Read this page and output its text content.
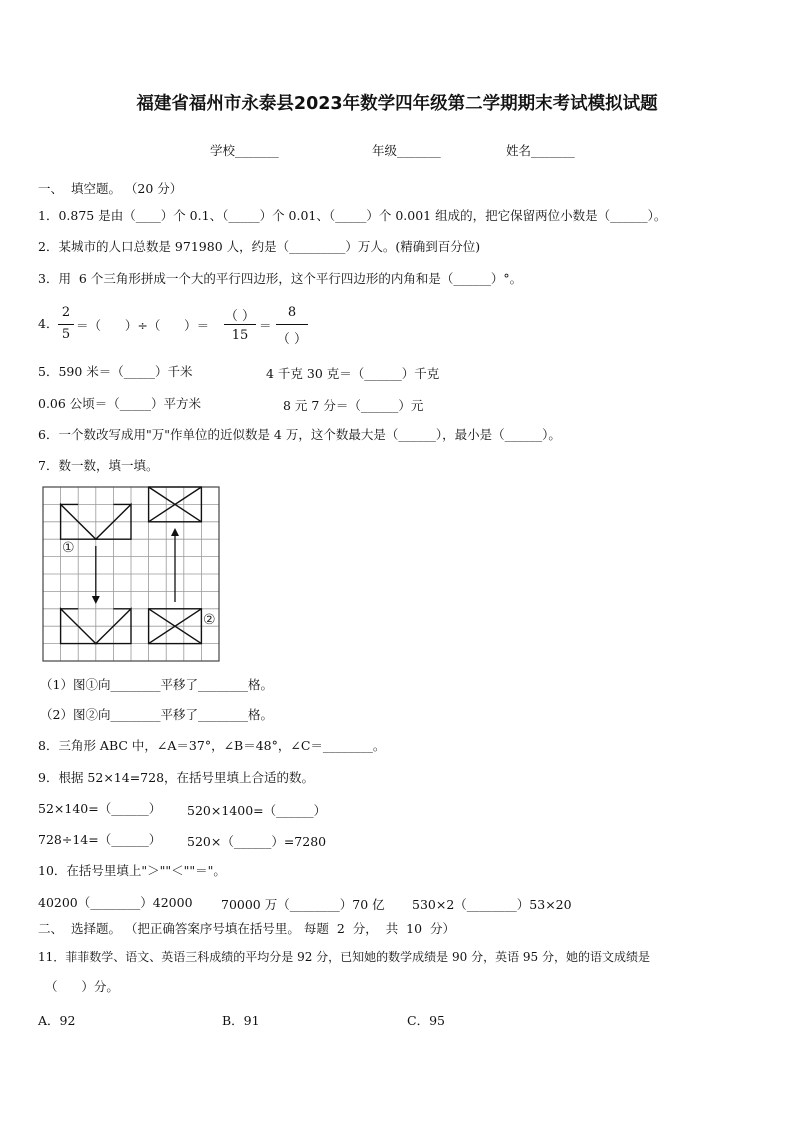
福建省福州市永泰县2023年数学四年级第二学期期末考试模拟试题
学校_______	年级_______	姓名_______
一、  填空题。 （20 分）
1．0.875 是由（____）个 0.1、（_____）个 0.01、（_____）个 0.001 组成的，把它保留两位小数是（______）。
2．某城市的人口总数是 971980 人，约是（_________）万人。(精确到百分位)
3．用  6 个三角形拼成一个大的平行四边形，这个平行四边形的内角和是（______）°。
4．
2
5
＝（      ）÷（      ）＝
（ ）
15
＝
8
（ ）
5．590 米＝（_____）千米	4 千克 30 克＝（______）千克
0.06 公顷＝（_____）平方米	8 元 7 分＝（______）元
6．一个数改写成用"万"作单位的近似数是 4 万，这个数最大是（______），最小是（______）。
7．数一数，填一填。
①
②
（1）图①向________平移了________格。
（2）图②向________平移了________格。
8．三角形 ABC 中，∠A＝37°，∠B＝48°，∠C＝________。
9．根据 52×14=728，在括号里填上合适的数。
52×140=（______） 520×1400=（______）
728÷14=（______） 520×（______）=7280
10．在括号里填上"＞""＜""＝"。
40200（________）42000 70000 万（________）70 亿 530×2（________）53×20
二、  选择题。 （把正确答案序号填在括号里。 每题  2  分，  共  10  分）
11．菲菲数学、语文、英语三科成绩的平均分是 92 分，已知她的数学成绩是 90 分，英语 95 分，她的语文成绩是
（      ）分。
A．92	B．91	C．95
